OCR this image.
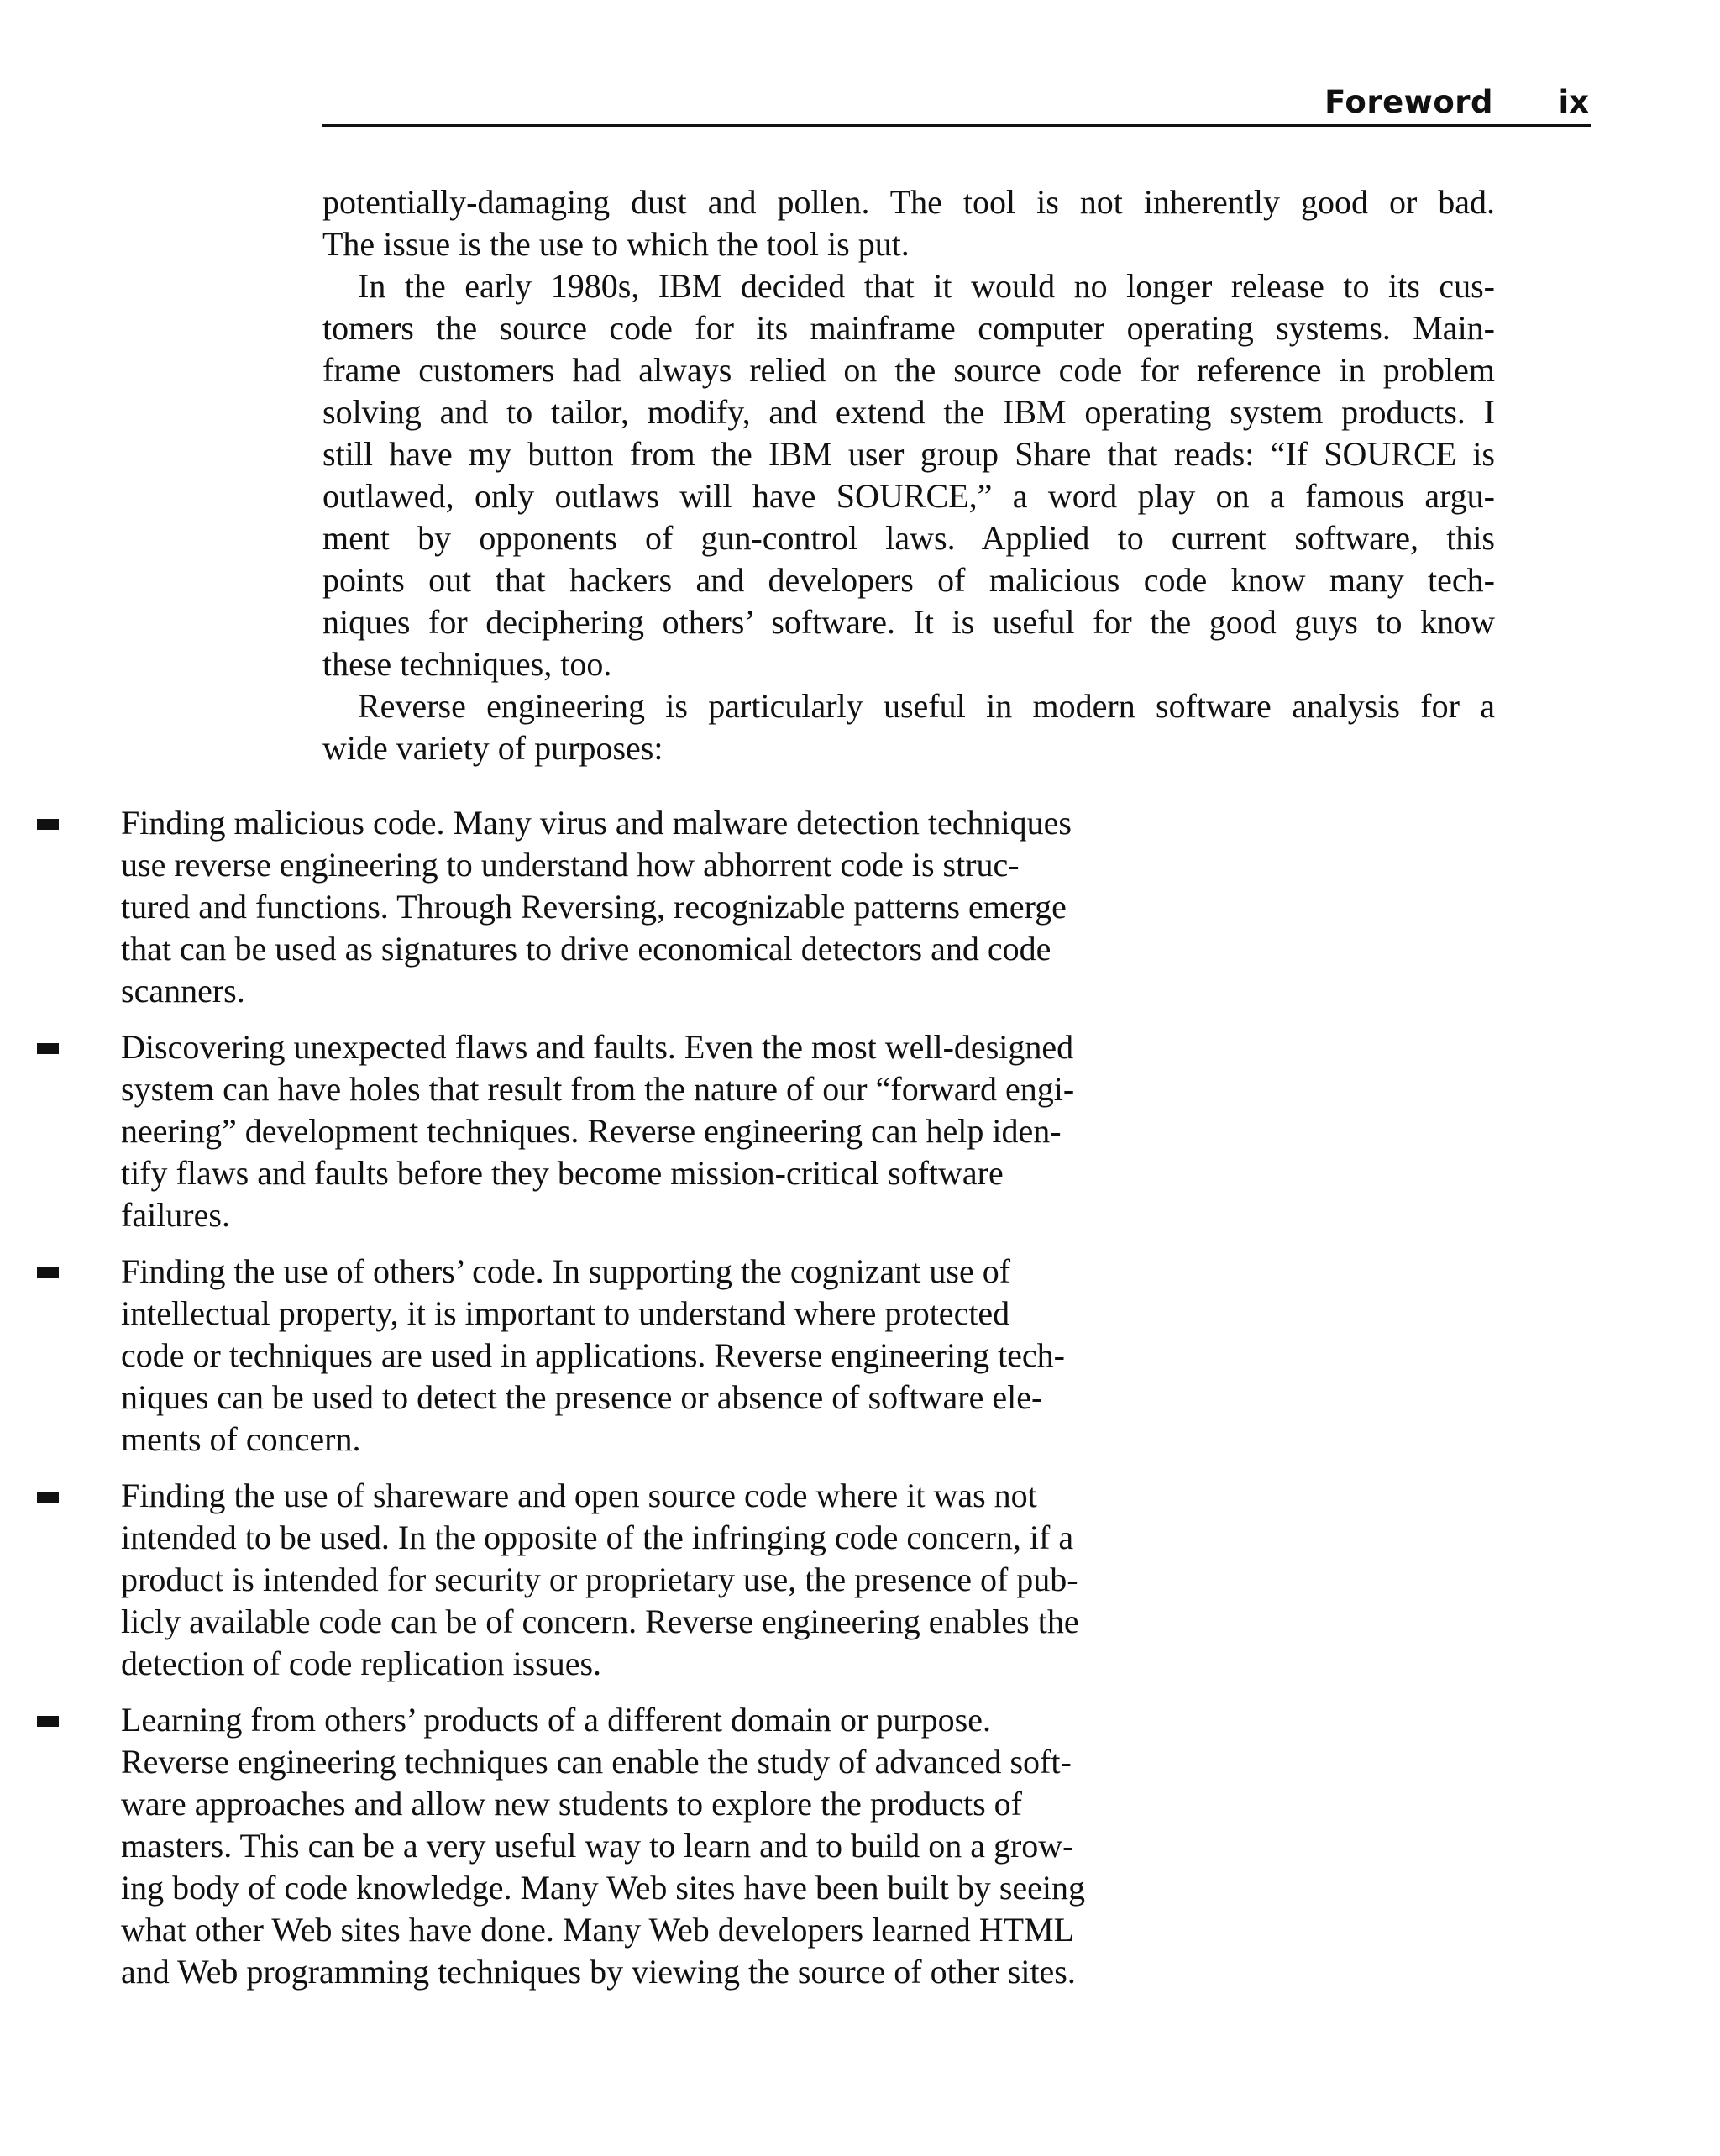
Foreword ix
potentially-damaging dust and pollen. The tool is not inherently good or bad.
The issue is the use to which the tool is put.
In the early 1980s, IBM decided that it would no longer release to its cus-
tomers the source code for its mainframe computer operating systems. Main-
frame customers had always relied on the source code for reference in problem
solving and to tailor, modify, and extend the IBM operating system products. I
still have my button from the IBM user group Share that reads: “If SOURCE is
outlawed, only outlaws will have SOURCE,” a word play on a famous argu-
ment by opponents of gun-control laws. Applied to current software, this
points out that hackers and developers of malicious code know many tech-
niques for deciphering others’ software. It is useful for the good guys to know
these techniques, too.
Reverse engineering is particularly useful in modern software analysis for a
wide variety of purposes:
Finding malicious code. Many virus and malware detection techniques
use reverse engineering to understand how abhorrent code is struc-
tured and functions. Through Reversing, recognizable patterns emerge
that can be used as signatures to drive economical detectors and code
scanners.
Discovering unexpected flaws and faults. Even the most well-designed
system can have holes that result from the nature of our “forward engi-
neering” development techniques. Reverse engineering can help iden-
tify flaws and faults before they become mission-critical software
failures.
Finding the use of others’ code. In supporting the cognizant use of
intellectual property, it is important to understand where protected
code or techniques are used in applications. Reverse engineering tech-
niques can be used to detect the presence or absence of software ele-
ments of concern.
Finding the use of shareware and open source code where it was not
intended to be used. In the opposite of the infringing code concern, if a
product is intended for security or proprietary use, the presence of pub-
licly available code can be of concern. Reverse engineering enables the
detection of code replication issues.
Learning from others’ products of a different domain or purpose.
Reverse engineering techniques can enable the study of advanced soft-
ware approaches and allow new students to explore the products of
masters. This can be a very useful way to learn and to build on a grow-
ing body of code knowledge. Many Web sites have been built by seeing
what other Web sites have done. Many Web developers learned HTML
and Web programming techniques by viewing the source of other sites.
